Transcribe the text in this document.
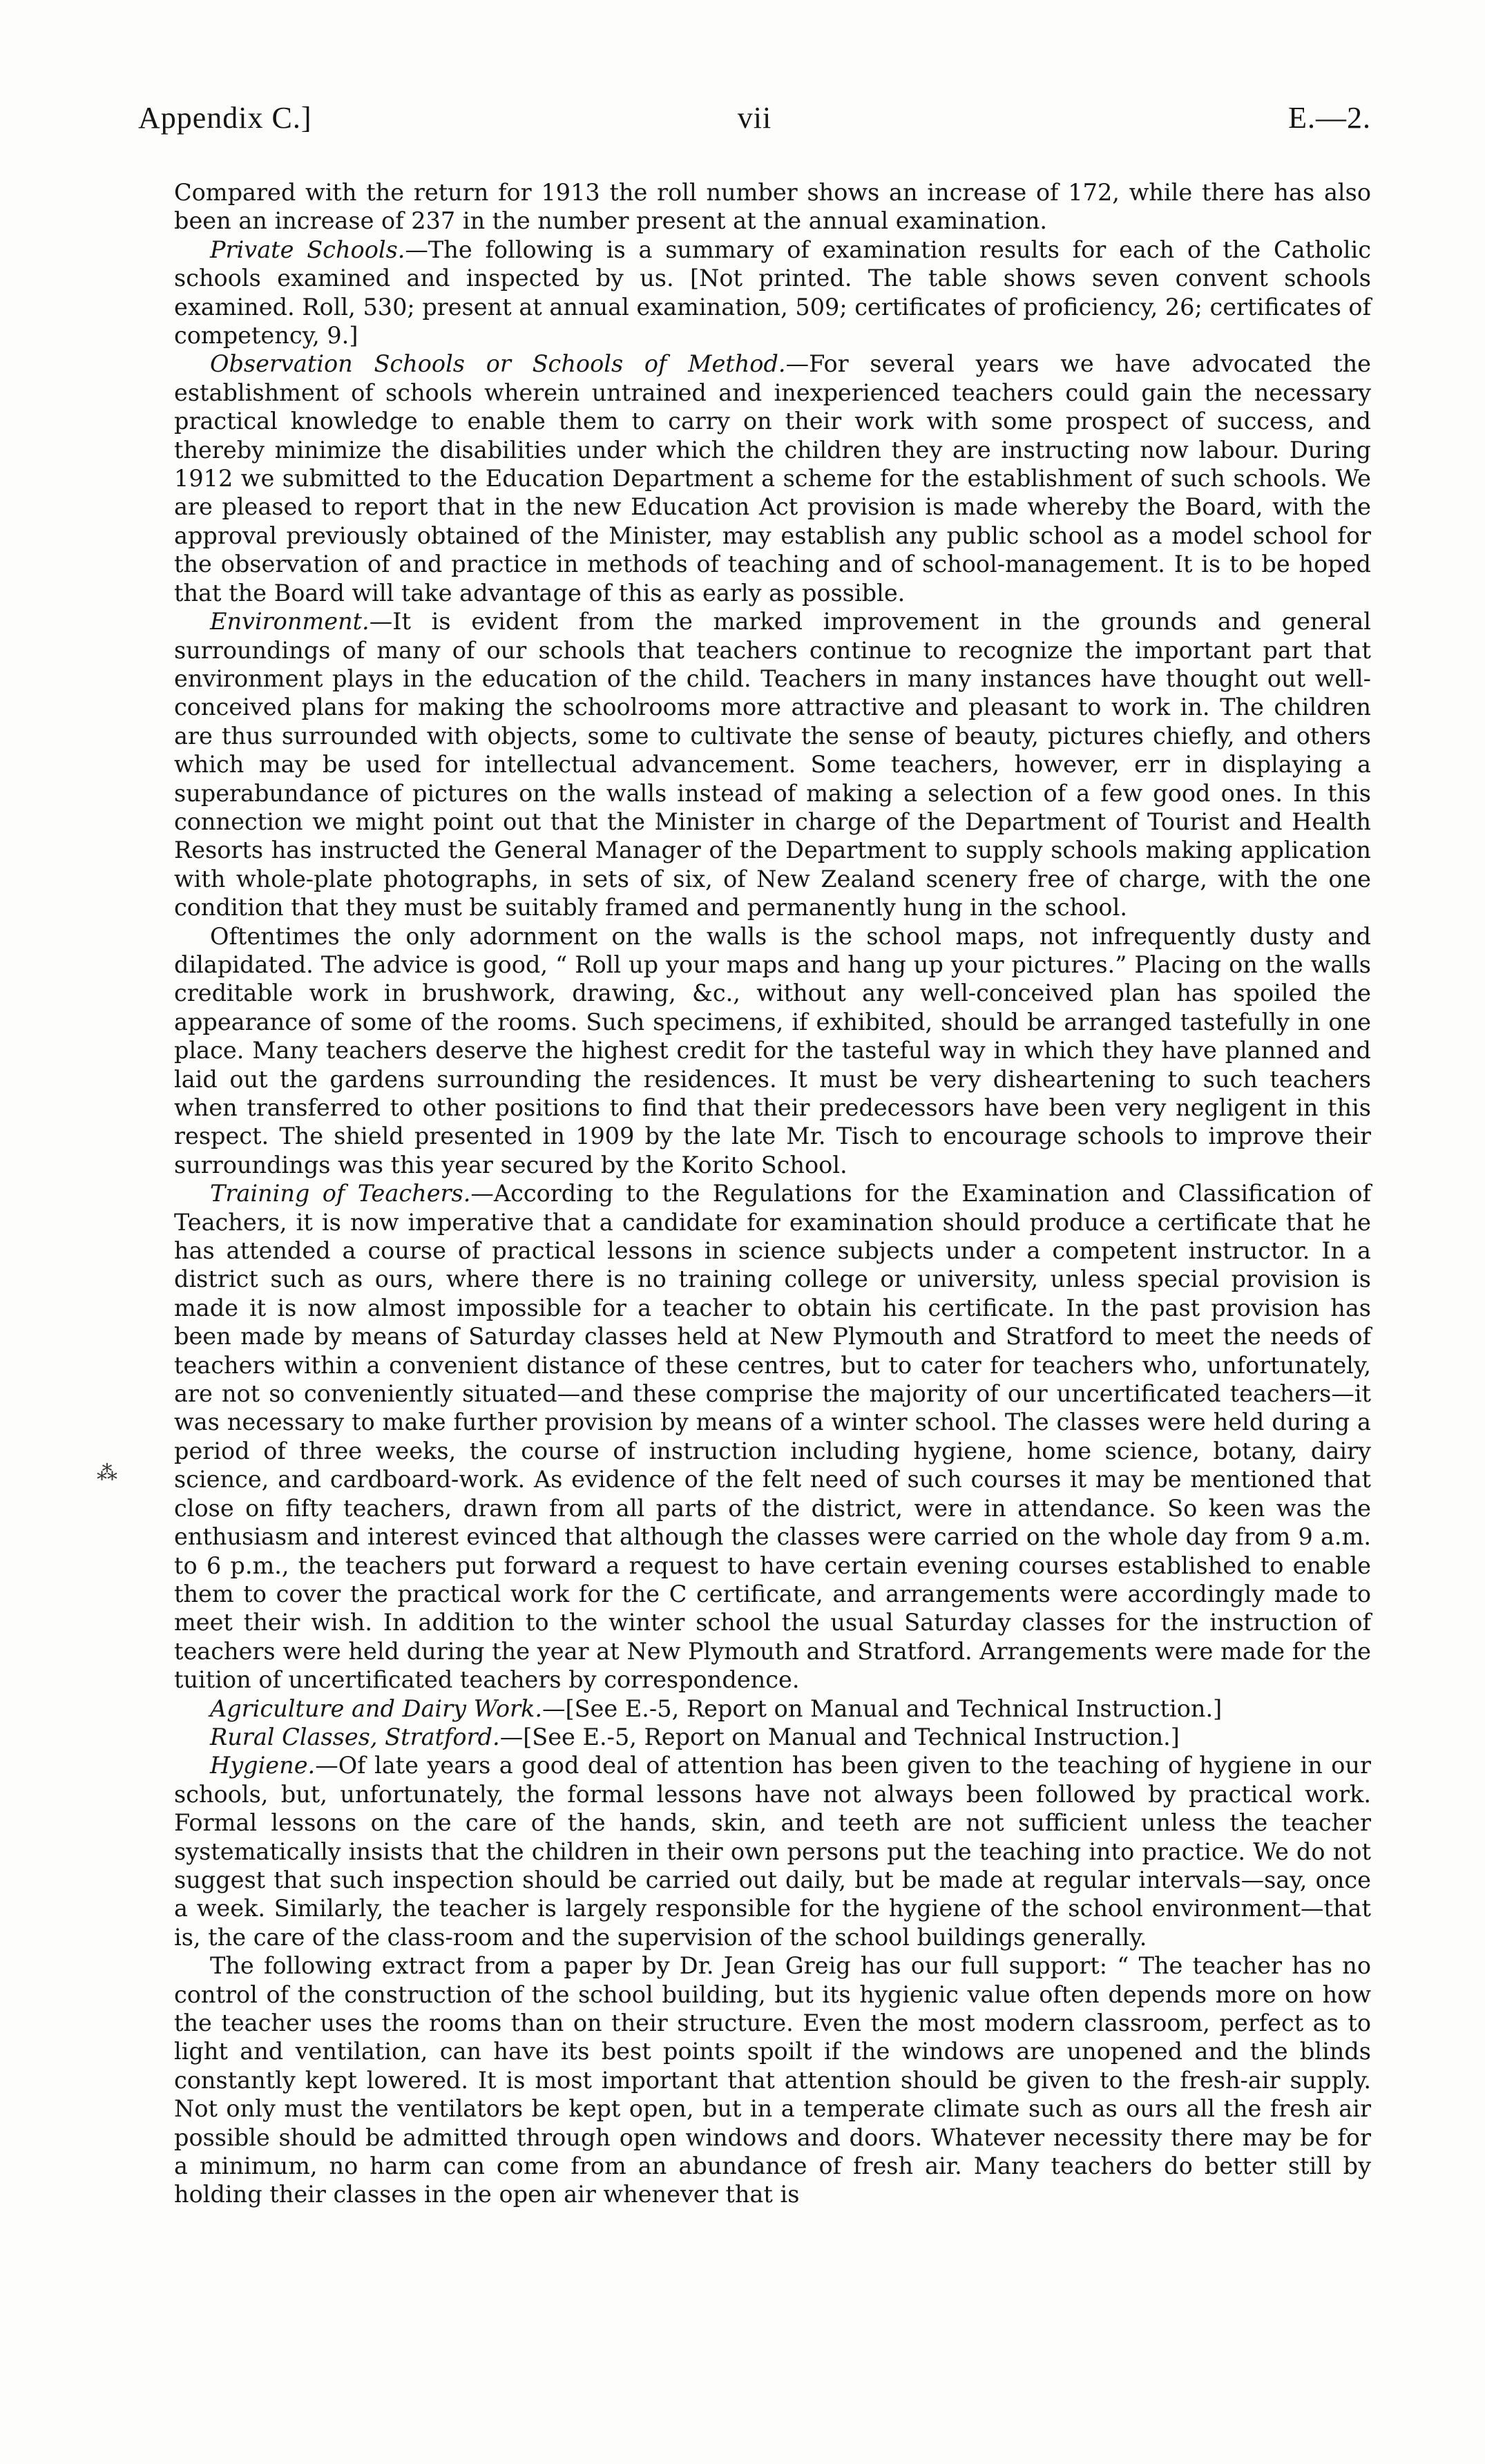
Appendix C.]	vii	E.—2.

Compared with the return for 1913 the roll number shows an increase of 172, while there has also been an increase of 237 in the number present at the annual examination.

Private Schools.—The following is a summary of examination results for each of the Catholic schools examined and inspected by us. [Not printed. The table shows seven convent schools examined. Roll, 530; present at annual examination, 509; certificates of proficiency, 26; certificates of competency, 9.]

Observation Schools or Schools of Method.—For several years we have advocated the establishment of schools wherein untrained and inexperienced teachers could gain the necessary practical knowledge to enable them to carry on their work with some prospect of success, and thereby minimize the disabilities under which the children they are instructing now labour. During 1912 we submitted to the Education Department a scheme for the establishment of such schools. We are pleased to report that in the new Education Act provision is made whereby the Board, with the approval previously obtained of the Minister, may establish any public school as a model school for the observation of and practice in methods of teaching and of school-management. It is to be hoped that the Board will take advantage of this as early as possible.

Environment.—It is evident from the marked improvement in the grounds and general surroundings of many of our schools that teachers continue to recognize the important part that environment plays in the education of the child. Teachers in many instances have thought out well-conceived plans for making the schoolrooms more attractive and pleasant to work in. The children are thus surrounded with objects, some to cultivate the sense of beauty, pictures chiefly, and others which may be used for intellectual advancement. Some teachers, however, err in displaying a superabundance of pictures on the walls instead of making a selection of a few good ones. In this connection we might point out that the Minister in charge of the Department of Tourist and Health Resorts has instructed the General Manager of the Department to supply schools making application with whole-plate photographs, in sets of six, of New Zealand scenery free of charge, with the one condition that they must be suitably framed and permanently hung in the school.

Oftentimes the only adornment on the walls is the school maps, not infrequently dusty and dilapidated. The advice is good, “ Roll up your maps and hang up your pictures.” Placing on the walls creditable work in brushwork, drawing, &c., without any well-conceived plan has spoiled the appearance of some of the rooms. Such specimens, if exhibited, should be arranged tastefully in one place. Many teachers deserve the highest credit for the tasteful way in which they have planned and laid out the gardens surrounding the residences. It must be very disheartening to such teachers when transferred to other positions to find that their predecessors have been very negligent in this respect. The shield presented in 1909 by the late Mr. Tisch to encourage schools to improve their surroundings was this year secured by the Korito School.

Training of Teachers.—According to the Regulations for the Examination and Classification of Teachers, it is now imperative that a candidate for examination should produce a certificate that he has attended a course of practical lessons in science subjects under a competent instructor. In a district such as ours, where there is no training college or university, unless special provision is made it is now almost impossible for a teacher to obtain his certificate. In the past provision has been made by means of Saturday classes held at New Plymouth and Stratford to meet the needs of teachers within a convenient distance of these centres, but to cater for teachers who, unfortunately, are not so conveniently situated—and these comprise the majority of our uncertificated teachers—it was necessary to make further provision by means of a winter school. The classes were held during a period of three weeks, the course of instruction including hygiene, home science, botany, dairy science, and cardboard-work. As evidence of the felt need of such courses it may be mentioned that close on fifty teachers, drawn from all parts of the district, were in attendance. So keen was the enthusiasm and interest evinced that although the classes were carried on the whole day from 9 a.m. to 6 p.m., the teachers put forward a request to have certain evening courses established to enable them to cover the practical work for the C certificate, and arrangements were accordingly made to meet their wish. In addition to the winter school the usual Saturday classes for the instruction of teachers were held during the year at New Plymouth and Stratford. Arrangements were made for the tuition of uncertificated teachers by correspondence.

Agriculture and Dairy Work.—[See E.-5, Report on Manual and Technical Instruction.]

Rural Classes, Stratford.—[See E.-5, Report on Manual and Technical Instruction.]

Hygiene.—Of late years a good deal of attention has been given to the teaching of hygiene in our schools, but, unfortunately, the formal lessons have not always been followed by practical work. Formal lessons on the care of the hands, skin, and teeth are not sufficient unless the teacher systematically insists that the children in their own persons put the teaching into practice. We do not suggest that such inspection should be carried out daily, but be made at regular intervals—say, once a week. Similarly, the teacher is largely responsible for the hygiene of the school environment—that is, the care of the class-room and the supervision of the school buildings generally.

The following extract from a paper by Dr. Jean Greig has our full support: “ The teacher has no control of the construction of the school building, but its hygienic value often depends more on how the teacher uses the rooms than on their structure. Even the most modern classroom, perfect as to light and ventilation, can have its best points spoilt if the windows are unopened and the blinds constantly kept lowered. It is most important that attention should be given to the fresh-air supply. Not only must the ventilators be kept open, but in a temperate climate such as ours all the fresh air possible should be admitted through open windows and doors. Whatever necessity there may be for a minimum, no harm can come from an abundance of fresh air. Many teachers do better still by holding their classes in the open air whenever that is

⁂
